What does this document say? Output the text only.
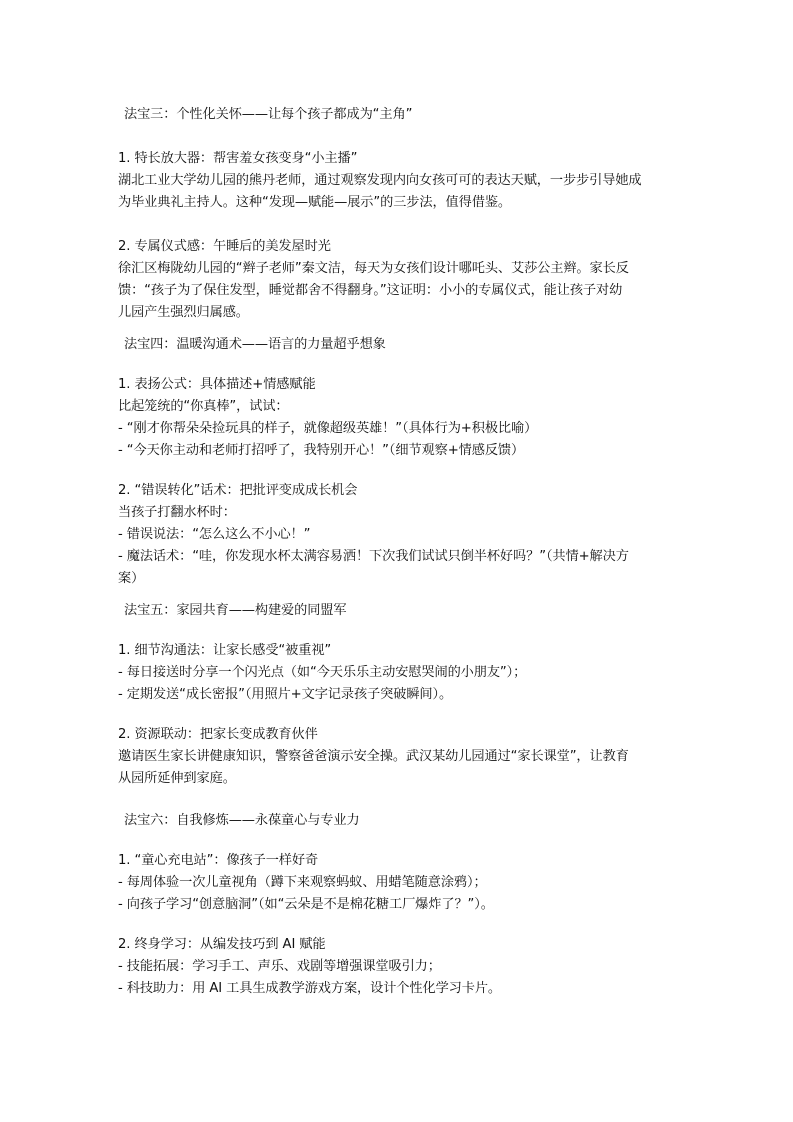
法宝三：个性化关怀——让每个孩子都成为“主角”
1. 特长放大器：帮害羞女孩变身“小主播”
湖北工业大学幼儿园的熊丹老师，通过观察发现内向女孩可可的表达天赋，一步步引导她成
为毕业典礼主持人。这种“发现—赋能—展示”的三步法，值得借鉴。
2. 专属仪式感：午睡后的美发屋时光
徐汇区梅陇幼儿园的“辫子老师”秦文洁，每天为女孩们设计哪吒头、艾莎公主辫。家长反
馈：“孩子为了保住发型，睡觉都舍不得翻身。”这证明：小小的专属仪式，能让孩子对幼
儿园产生强烈归属感。
法宝四：温暖沟通术——语言的力量超乎想象
1. 表扬公式：具体描述+情感赋能
比起笼统的“你真棒”，试试：
- “刚才你帮朵朵捡玩具的样子，就像超级英雄！”（具体行为+积极比喻）
- “今天你主动和老师打招呼了，我特别开心！”（细节观察+情感反馈）
2. “错误转化”话术：把批评变成成长机会
当孩子打翻水杯时：
- 错误说法：“怎么这么不小心！”
- 魔法话术：“哇，你发现水杯太满容易洒！下次我们试试只倒半杯好吗？”（共情+解决方
案）
法宝五：家园共育——构建爱的同盟军
1. 细节沟通法：让家长感受“被重视”
- 每日接送时分享一个闪光点（如“今天乐乐主动安慰哭闹的小朋友”）；
- 定期发送“成长密报”（用照片+文字记录孩子突破瞬间）。
2. 资源联动：把家长变成教育伙伴
邀请医生家长讲健康知识，警察爸爸演示安全操。武汉某幼儿园通过“家长课堂”，让教育
从园所延伸到家庭。
法宝六：自我修炼——永葆童心与专业力
1. “童心充电站”：像孩子一样好奇
- 每周体验一次儿童视角（蹲下来观察蚂蚁、用蜡笔随意涂鸦）；
- 向孩子学习“创意脑洞”（如“云朵是不是棉花糖工厂爆炸了？”）。
2. 终身学习：从编发技巧到 AI 赋能
- 技能拓展：学习手工、声乐、戏剧等增强课堂吸引力；
- 科技助力：用 AI 工具生成教学游戏方案，设计个性化学习卡片。
